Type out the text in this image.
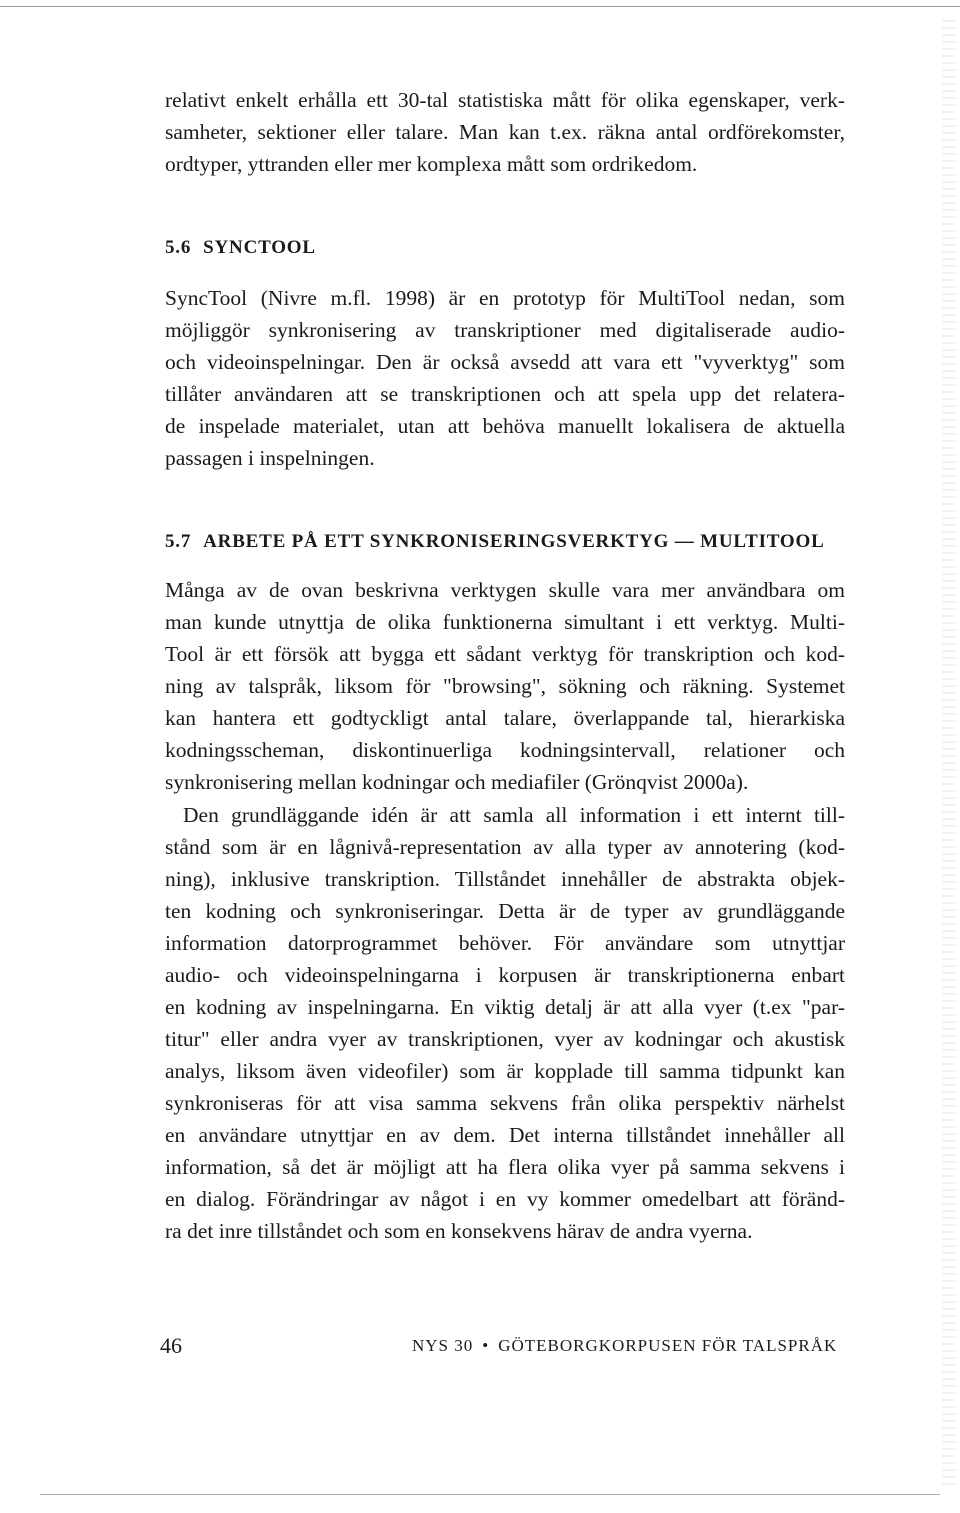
relativt enkelt erhålla ett 30-tal statistiska mått för olika egenskaper, verk-
samheter, sektioner eller talare. Man kan t.ex. räkna antal ordförekomster,
ordtyper, yttranden eller mer komplexa mått som ordrikedom.
5.6 SYNCTOOL
SyncTool (Nivre m.fl. 1998) är en prototyp för MultiTool nedan, som
möjliggör synkronisering av transkriptioner med digitaliserade audio-
och videoinspelningar. Den är också avsedd att vara ett "vyverktyg" som
tillåter användaren att se transkriptionen och att spela upp det relatera-
de inspelade materialet, utan att behöva manuellt lokalisera de aktuella
passagen i inspelningen.
5.7 ARBETE PÅ ETT SYNKRONISERINGSVERKTYG — MULTITOOL
Många av de ovan beskrivna verktygen skulle vara mer användbara om
man kunde utnyttja de olika funktionerna simultant i ett verktyg. Multi-
Tool är ett försök att bygga ett sådant verktyg för transkription och kod-
ning av talspråk, liksom för "browsing", sökning och räkning. Systemet
kan hantera ett godtyckligt antal talare, överlappande tal, hierarkiska
kodningsscheman, diskontinuerliga kodningsintervall, relationer och
synkronisering mellan kodningar och mediafiler (Grönqvist 2000a).
Den grundläggande idén är att samla all information i ett internt till-
stånd som är en lågnivå-representation av alla typer av annotering (kod-
ning), inklusive transkription. Tillståndet innehåller de abstrakta objek-
ten kodning och synkroniseringar. Detta är de typer av grundläggande
information datorprogrammet behöver. För användare som utnyttjar
audio- och videoinspelningarna i korpusen är transkriptionerna enbart
en kodning av inspelningarna. En viktig detalj är att alla vyer (t.ex "par-
titur" eller andra vyer av transkriptionen, vyer av kodningar och akustisk
analys, liksom även videofiler) som är kopplade till samma tidpunkt kan
synkroniseras för att visa samma sekvens från olika perspektiv närhelst
en användare utnyttjar en av dem. Det interna tillståndet innehåller all
information, så det är möjligt att ha flera olika vyer på samma sekvens i
en dialog. Förändringar av något i en vy kommer omedelbart att föränd-
ra det inre tillståndet och som en konsekvens härav de andra vyerna.
46	NYS 30 • GÖTEBORGKORPUSEN FÖR TALSPRÅK
